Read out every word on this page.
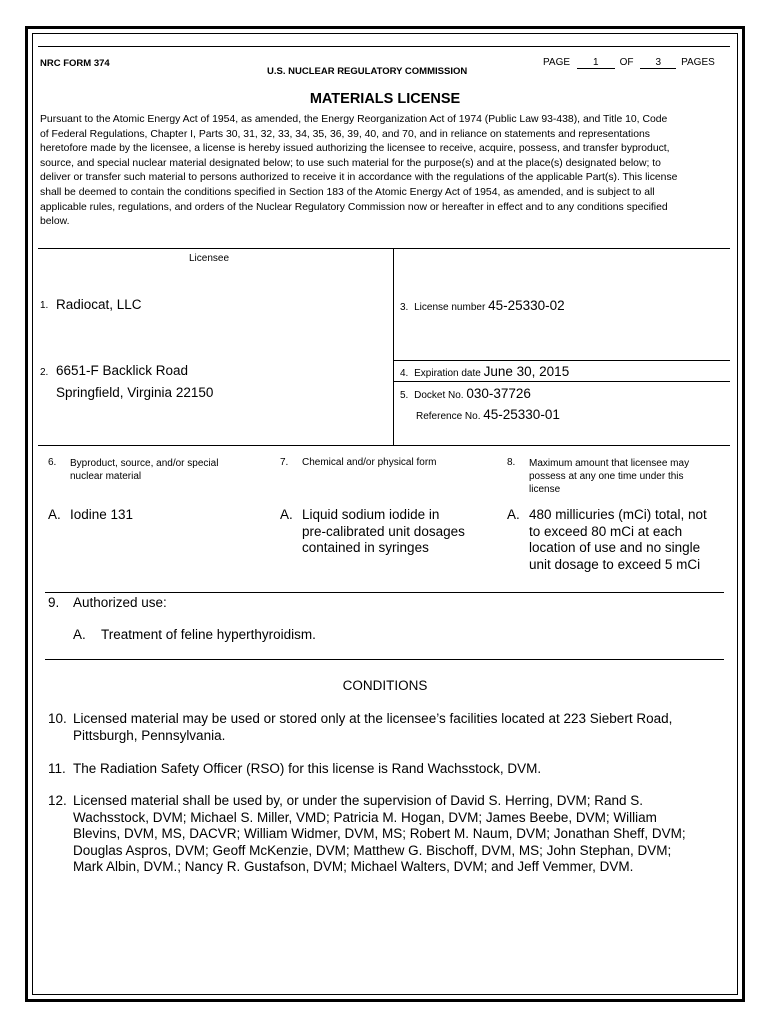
NRC FORM 374
U.S. NUCLEAR REGULATORY COMMISSION
PAGE 1 OF 3 PAGES
MATERIALS LICENSE
Pursuant to the Atomic Energy Act of 1954, as amended, the Energy Reorganization Act of 1974 (Public Law 93-438), and Title 10, Code
of Federal Regulations, Chapter I, Parts 30, 31, 32, 33, 34, 35, 36, 39, 40, and 70, and in reliance on statements and representations
heretofore made by the licensee, a license is hereby issued authorizing the licensee to receive, acquire, possess, and transfer byproduct,
source, and special nuclear material designated below; to use such material for the purpose(s) and at the place(s) designated below; to
deliver or transfer such material to persons authorized to receive it in accordance with the regulations of the applicable Part(s). This license
shall be deemed to contain the conditions specified in Section 183 of the Atomic Energy Act of 1954, as amended, and is subject to all
applicable rules, regulations, and orders of the Nuclear Regulatory Commission now or hereafter in effect and to any conditions specified
below.
Licensee
1. Radiocat, LLC
2. 6651-F Backlick Road
Springfield, Virginia 22150
3. License number 45-25330-02
4. Expiration date June 30, 2015
5. Docket No. 030-37726
Reference No. 45-25330-01
6. Byproduct, source, and/or special
nuclear material
7. Chemical and/or physical form	8. Maximum amount that licensee may
possess at any one time under this
license
A. Iodine 131	A. Liquid sodium iodide in
pre-calibrated unit dosages
contained in syringes
A. 480 millicuries (mCi) total, not
to exceed 80 mCi at each
location of use and no single
unit dosage to exceed 5 mCi
9. Authorized use:
A. Treatment of feline hyperthyroidism.
CONDITIONS
10. Licensed material may be used or stored only at the licensee’s facilities located at 223 Siebert Road,
Pittsburgh, Pennsylvania.
11. The Radiation Safety Officer (RSO) for this license is Rand Wachsstock, DVM.
12. Licensed material shall be used by, or under the supervision of David S. Herring, DVM; Rand S.
Wachsstock, DVM; Michael S. Miller, VMD; Patricia M. Hogan, DVM; James Beebe, DVM; William
Blevins, DVM, MS, DACVR; William Widmer, DVM, MS; Robert M. Naum, DVM; Jonathan Sheff, DVM;
Douglas Aspros, DVM; Geoff McKenzie, DVM; Matthew G. Bischoff, DVM, MS; John Stephan, DVM;
Mark Albin, DVM.; Nancy R. Gustafson, DVM; Michael Walters, DVM; and Jeff Vemmer, DVM.
